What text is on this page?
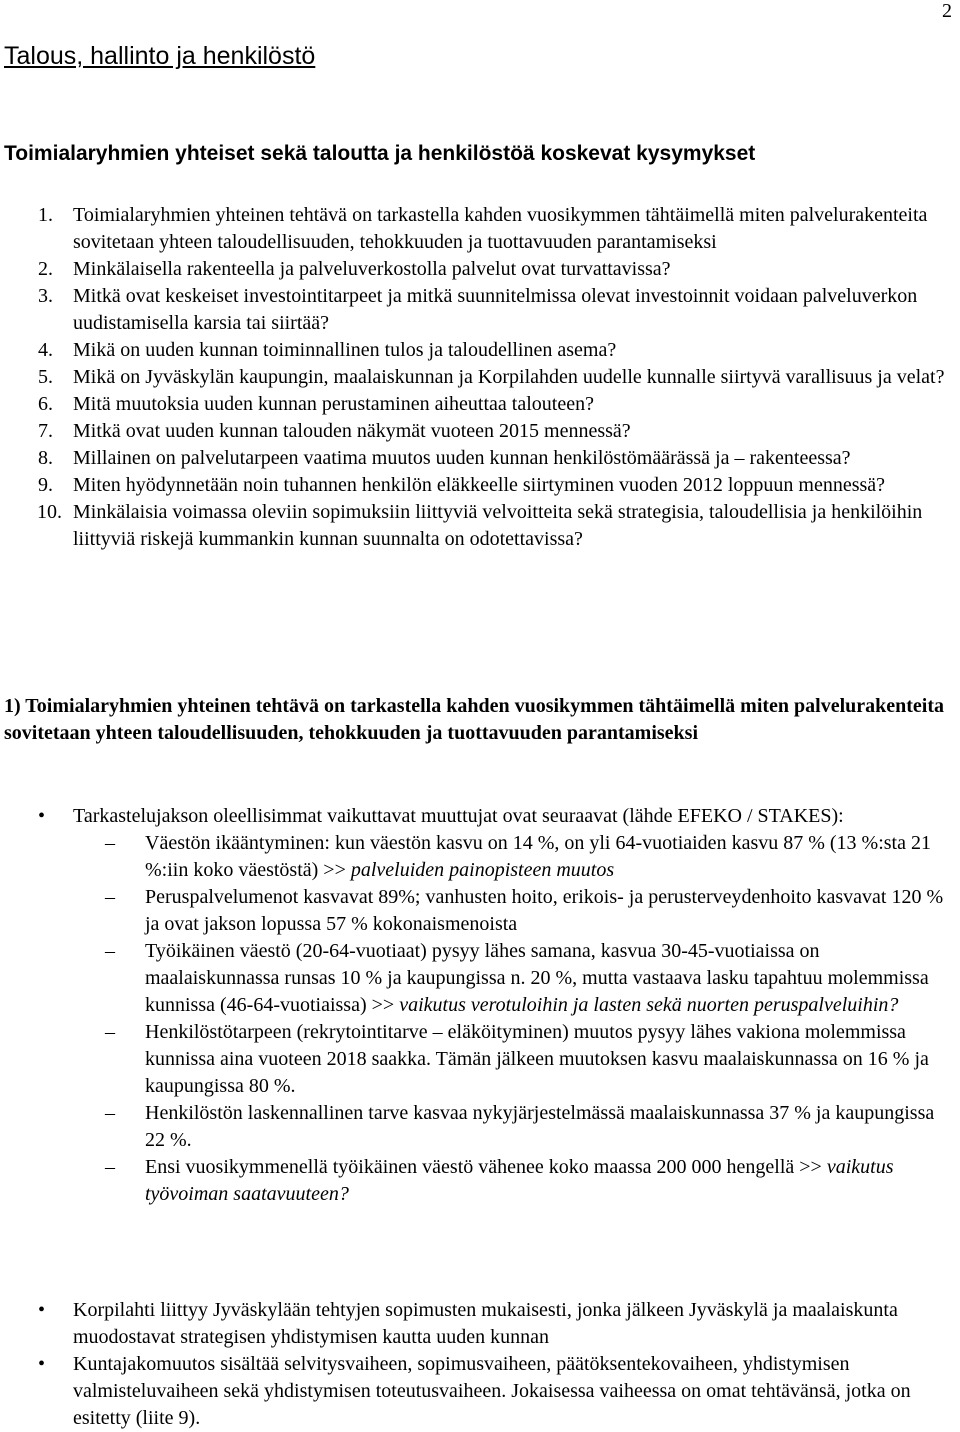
2
Talous, hallinto ja henkilöstö
Toimialaryhmien yhteiset sekä taloutta ja henkilöstöä koskevat kysymykset
1. Toimialaryhmien yhteinen tehtävä on tarkastella kahden vuosikymmen tähtäimellä miten palvelurakenteita sovitetaan yhteen taloudellisuuden, tehokkuuden ja tuottavuuden parantamiseksi
2. Minkälaisella rakenteella ja palveluverkostolla palvelut ovat turvattavissa?
3. Mitkä ovat keskeiset investointitarpeet ja mitkä suunnitelmissa olevat investoinnit voidaan palveluverkon uudistamisella karsia tai siirtää?
4. Mikä on uuden kunnan toiminnallinen tulos ja taloudellinen asema?
5. Mikä on Jyväskylän kaupungin, maalaiskunnan ja Korpilahden uudelle kunnalle siirtyvä varallisuus ja velat?
6. Mitä muutoksia uuden kunnan perustaminen aiheuttaa talouteen?
7. Mitkä ovat uuden kunnan talouden näkymät vuoteen 2015 mennessä?
8. Millainen on palvelutarpeen vaatima muutos uuden kunnan henkilöstömäärässä ja – rakenteessa?
9. Miten hyödynnetään noin tuhannen henkilön eläkkeelle siirtyminen vuoden 2012 loppuun mennessä?
10. Minkälaisia voimassa oleviin sopimuksiin liittyviä velvoitteita sekä strategisia, taloudellisia ja henkilöihin liittyviä riskejä kummankin kunnan suunnalta on odotettavissa?

1) Toimialaryhmien yhteinen tehtävä on tarkastella kahden vuosikymmen tähtäimellä miten palvelurakenteita sovitetaan yhteen taloudellisuuden, tehokkuuden ja tuottavuuden parantamiseksi

• Tarkastelujakson oleellisimmat vaikuttavat muuttujat ovat seuraavat (lähde EFEKO / STAKES):
– Väestön ikääntyminen: kun väestön kasvu on 14 %, on yli 64-vuotiaiden kasvu 87 % (13 %:sta 21 %:iin koko väestöstä) >> palveluiden painopisteen muutos
– Peruspalvelumenot kasvavat 89%; vanhusten hoito, erikois- ja perusterveydenhoito kasvavat 120 % ja ovat jakson lopussa 57 % kokonaismenoista
– Työikäinen väestö (20-64-vuotiaat) pysyy lähes samana, kasvua 30-45-vuotiaissa on maalaiskunnassa runsas 10 % ja kaupungissa n. 20 %, mutta vastaava lasku tapahtuu molemmissa kunnissa (46-64-vuotiaissa) >> vaikutus verotuloihin ja lasten sekä nuorten peruspalveluihin?
– Henkilöstötarpeen (rekrytointitarve – eläköityminen) muutos pysyy lähes vakiona molemmissa kunnissa aina vuoteen 2018 saakka. Tämän jälkeen muutoksen kasvu maalaiskunnassa on 16 % ja kaupungissa 80 %.
– Henkilöstön laskennallinen tarve kasvaa nykyjärjestelmässä maalaiskunnassa 37 % ja kaupungissa 22 %.
– Ensi vuosikymmenellä työikäinen väestö vähenee koko maassa 200 000 hengellä >> vaikutus työvoiman saatavuuteen?
• Korpilahti liittyy Jyväskylään tehtyjen sopimusten mukaisesti, jonka jälkeen Jyväskylä ja maalaiskunta muodostavat strategisen yhdistymisen kautta uuden kunnan
• Kuntajakomuutos sisältää selvitysvaiheen, sopimusvaiheen, päätöksentekovaiheen, yhdistymisen valmisteluvaiheen sekä yhdistymisen toteutusvaiheen. Jokaisessa vaiheessa on omat tehtävänsä, jotka on esitetty (liite 9).
